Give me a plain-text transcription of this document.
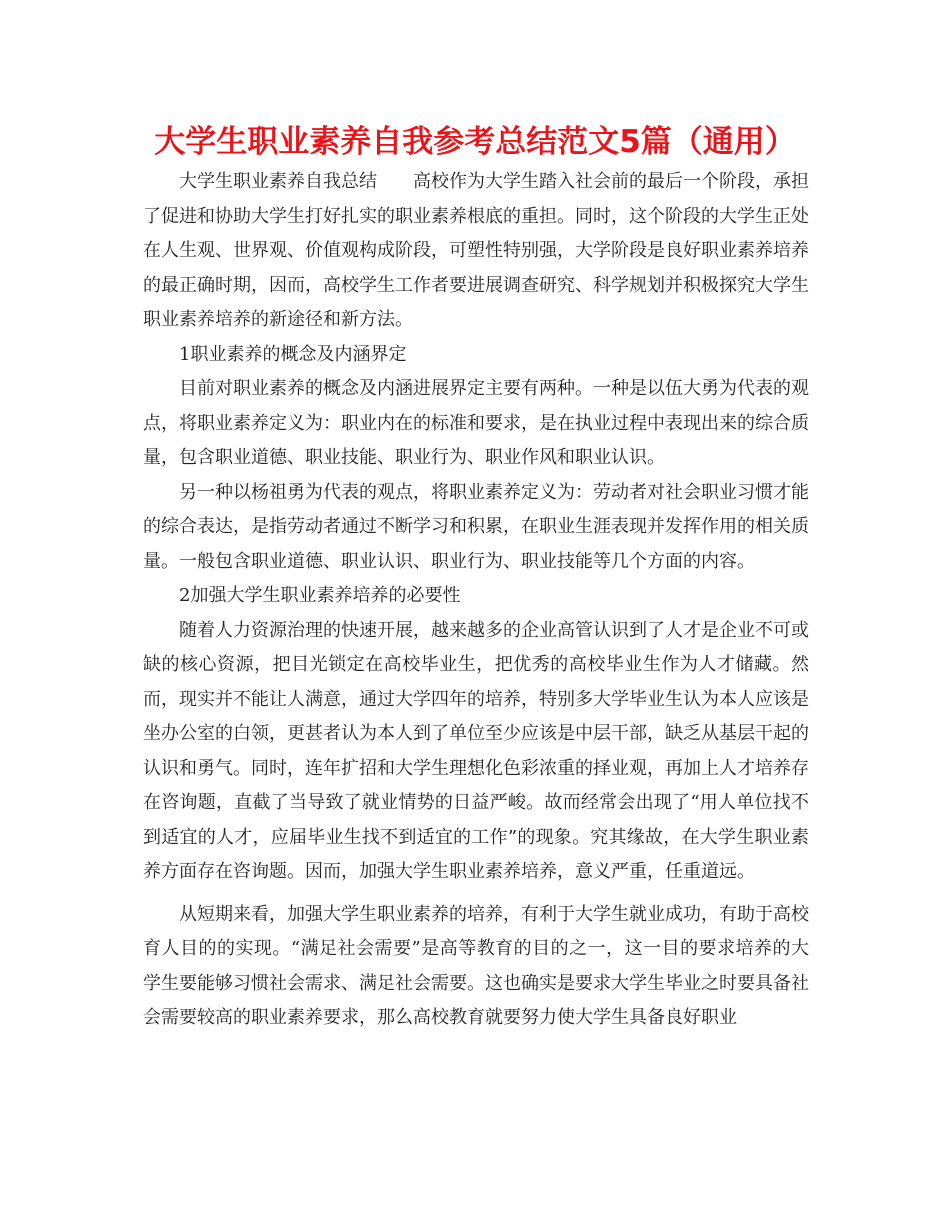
大学生职业素养自我参考总结范文5篇（通用）

大学生职业素养自我总结　　高校作为大学生踏入社会前的最后一个阶段，承担了促进和协助大学生打好扎实的职业素养根底的重担。同时，这个阶段的大学生正处在人生观、世界观、价值观构成阶段，可塑性特别强，大学阶段是良好职业素养培养的最正确时期，因而，高校学生工作者要进展调查研究、科学规划并积极探究大学生职业素养培养的新途径和新方法。

1职业素养的概念及内涵界定

目前对职业素养的概念及内涵进展界定主要有两种。一种是以伍大勇为代表的观点，将职业素养定义为：职业内在的标准和要求，是在执业过程中表现出来的综合质量，包含职业道德、职业技能、职业行为、职业作风和职业认识。

另一种以杨祖勇为代表的观点，将职业素养定义为：劳动者对社会职业习惯才能的综合表达，是指劳动者通过不断学习和积累，在职业生涯表现并发挥作用的相关质量。一般包含职业道德、职业认识、职业行为、职业技能等几个方面的内容。

2加强大学生职业素养培养的必要性

随着人力资源治理的快速开展，越来越多的企业高管认识到了人才是企业不可或缺的核心资源，把目光锁定在高校毕业生，把优秀的高校毕业生作为人才储藏。然而，现实并不能让人满意，通过大学四年的培养，特别多大学毕业生认为本人应该是坐办公室的白领，更甚者认为本人到了单位至少应该是中层干部，缺乏从基层干起的认识和勇气。同时，连年扩招和大学生理想化色彩浓重的择业观，再加上人才培养存在咨询题，直截了当导致了就业情势的日益严峻。故而经常会出现了“用人单位找不到适宜的人才，应届毕业生找不到适宜的工作”的现象。究其缘故，在大学生职业素养方面存在咨询题。因而，加强大学生职业素养培养，意义严重，任重道远。

从短期来看，加强大学生职业素养的培养，有利于大学生就业成功，有助于高校育人目的的实现。“满足社会需要”是高等教育的目的之一，这一目的要求培养的大学生要能够习惯社会需求、满足社会需要。这也确实是要求大学生毕业之时要具备社会需要较高的职业素养要求，那么高校教育就要努力使大学生具备良好职业
